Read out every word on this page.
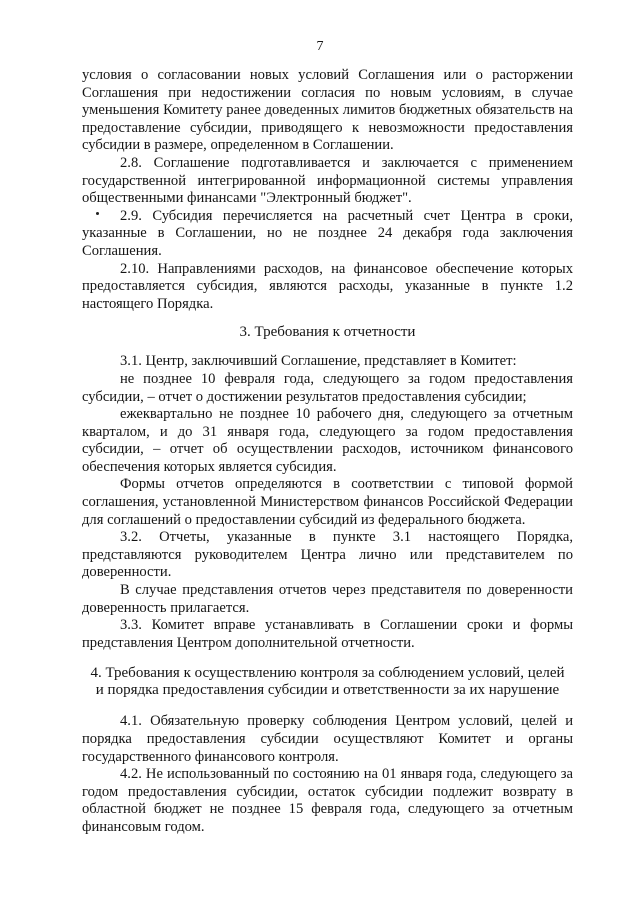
7

условия о согласовании новых условий Соглашения или о расторжении Соглашения при недостижении согласия по новым условиям, в случае уменьшения Комитету ранее доведенных лимитов бюджетных обязательств на предоставление субсидии, приводящего к невозможности предоставления субсидии в размере, определенном в Соглашении.

2.8. Соглашение подготавливается и заключается с применением государственной интегрированной информационной системы управления общественными финансами "Электронный бюджет".

2.9. Субсидия перечисляется на расчетный счет Центра в сроки, указанные в Соглашении, но не позднее 24 декабря года заключения Соглашения.

2.10. Направлениями расходов, на финансовое обеспечение которых предоставляется субсидия, являются расходы, указанные в пункте 1.2 настоящего Порядка.

3. Требования к отчетности

3.1. Центр, заключивший Соглашение, представляет в Комитет:

не позднее 10 февраля года, следующего за годом предоставления субсидии, – отчет о достижении результатов предоставления субсидии;

ежеквартально не позднее 10 рабочего дня, следующего за отчетным кварталом, и до 31 января года, следующего за годом предоставления субсидии, – отчет об осуществлении расходов, источником финансового обеспечения которых является субсидия.

Формы отчетов определяются в соответствии с типовой формой соглашения, установленной Министерством финансов Российской Федерации для соглашений о предоставлении субсидий из федерального бюджета.

3.2. Отчеты, указанные в пункте 3.1 настоящего Порядка, представляются руководителем Центра лично или представителем по доверенности.

В случае представления отчетов через представителя по доверенности доверенность прилагается.

3.3. Комитет вправе устанавливать в Соглашении сроки и формы представления Центром дополнительной отчетности.

4. Требования к осуществлению контроля за соблюдением условий, целей
и порядка предоставления субсидии и ответственности за их нарушение

4.1. Обязательную проверку соблюдения Центром условий, целей и порядка предоставления субсидии осуществляют Комитет и органы государственного финансового контроля.

4.2. Не использованный по состоянию на 01 января года, следующего за годом предоставления субсидии, остаток субсидии подлежит возврату в областной бюджет не позднее 15 февраля года, следующего за отчетным финансовым годом.
